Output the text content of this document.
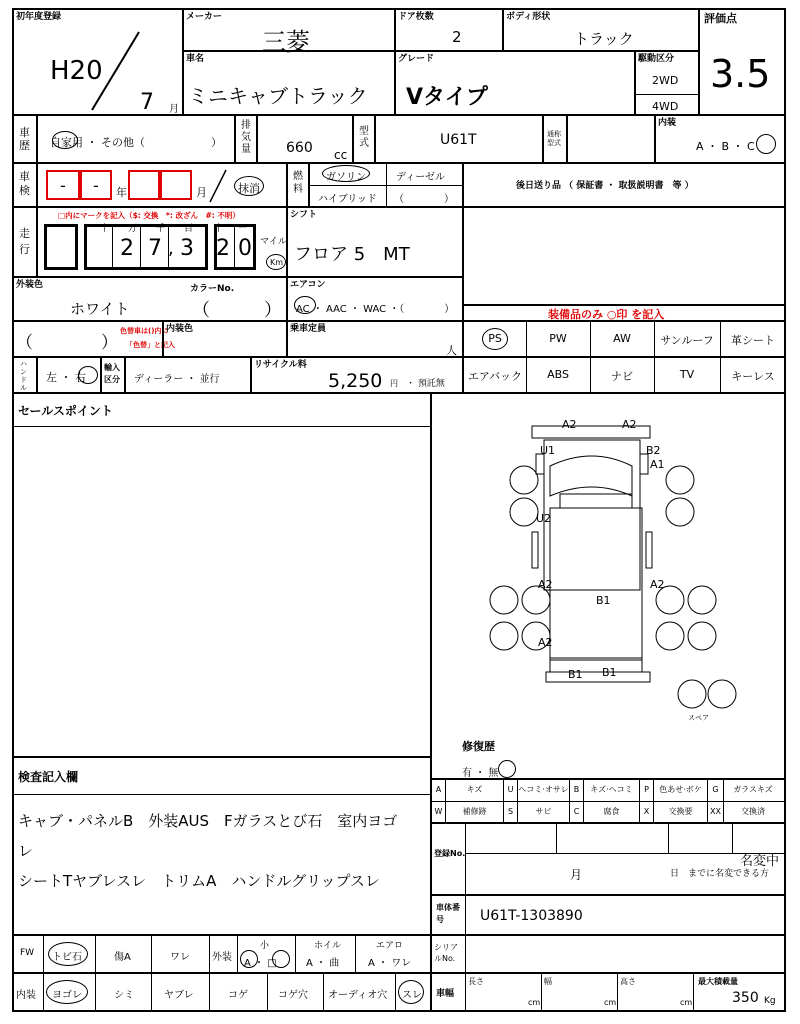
初年度登録
H20
7 月
メーカー
三菱
ドア枚数
2
ボディ形状
トラック
評価点
3.5
車名
ミニキャブトラック
グレード
Vタイプ
駆動区分
2WD
4WD
車歴 自家用 ・ その他（　　　　　　）
排気量	660 cc
型式	U61T	通称型式
内装
A ・ B ・ C
車検 - - 年	月	抹消
燃料
ガソリン	ディーゼル
ハイブリッド （　　　　）
後日送り品 （ 保証書 ・ 取扱説明書　等 ）
走行
□内にマークを記入（$: 交換　*: 改ざん　#: 不明）
十 万 千 百 十 一
2 7 , 3 2 0 マイル
Km
シフト
フロア 5　MT
外装色
ホワイト
カラーNo.
（　　　）
エアコン
AC ・ AAC ・ WAC ・（　　　　）	装備品のみ ○印 を記入
（　　　　）
色替車は()内に
「色替」と記入
内装色	乗車定員
人
PS	PW	AW	サンルーフ	革シート
ハンドル
左 ・ 右
輸入区分	ディーラー ・ 並行
リサイクル料
5,250 円 ・ 預託無
エアバック	ABS	ナビ	TV	キーレス
セールスポイント
A2	A2
U1	B2
A1
U2
A2	A2
B1
A2
B1 B1
スペア
修復歴
有 ・ 無
検査記入欄
キャブ・パネルB　外装AUS　Fガラスとび石　室内ヨゴ
レ
シートTヤブレスレ　トリムA　ハンドルグリップスレ
A	キズ	U ヘコミ·オサレ B	キズ·ヘコミ	P	色あせ·ボケ	G	ガラスキズ
W	補修跡	S	サビ	C	腐食	X	交換要	XX	交換済
登録No.
名変中
月	日　までに名変できる方
車体番号	U61T-1303890
FW トビ石	傷A	ワレ 外装
小
A ・ □
ホイル
A ・ 曲
エアロ
A ・ ワレ
シリアルNo.
内装 ヨゴレ	シミ	ヤブレ	コゲ	コゲ穴 オーディオ穴 スレ 車幅
長さ
cm
幅
cm
高さ
cm
最大積載量
350 Kg
